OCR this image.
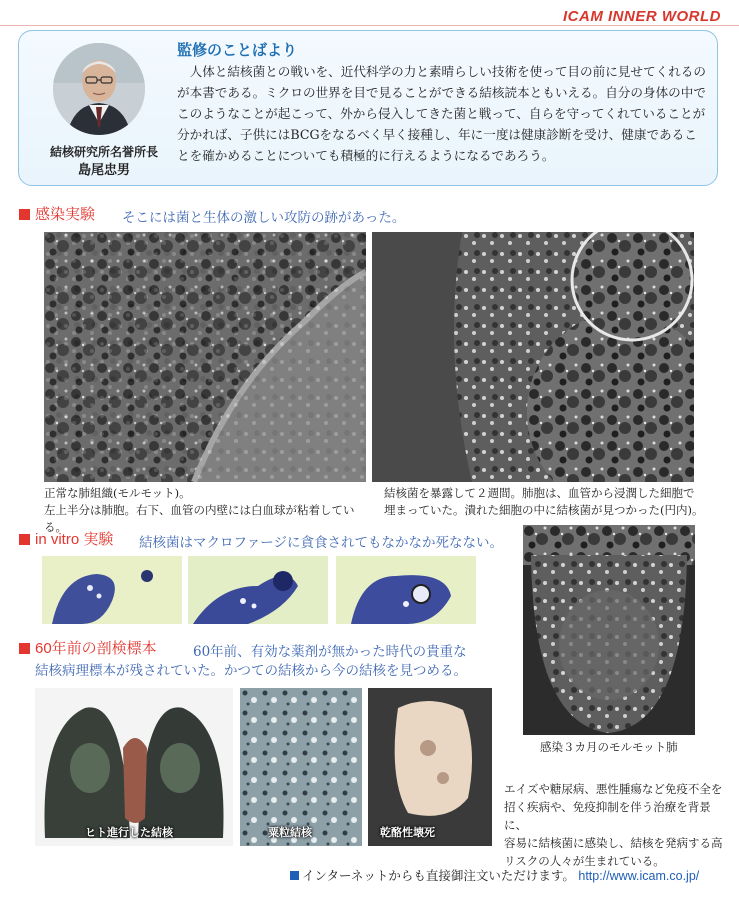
ICAM INNER WORLD
結核研究所名誉所長
島尾忠男
監修のことばより
人体と結核菌との戦いを、近代科学の力と素晴らしい技術を使って目の前に見せてくれるのが本書である。ミクロの世界を目で見ることができる結核読本ともいえる。自分の身体の中でこのようなことが起こって、外から侵入してきた菌と戦って、自らを守ってくれていることが分かれば、子供にはBCGをなるべく早く接種し、年に一度は健康診断を受け、健康であることを確かめることについても積極的に行えるようになるであろう。
感染実験 そこには菌と生体の激しい攻防の跡があった。
正常な肺組織(モルモット)。
左上半分は肺胞。右下、血管の内壁には白血球が粘着している。
結核菌を暴露して２週間。肺胞は、血管から浸潤した細胞で
埋まっていた。潰れた細胞の中に結核菌が見つかった(円内)。
in vitro 実験 結核菌はマクロファージに貪食されてもなかなか死なない。
感染３カ月のモルモット肺
60年前の剖検標本	60年前、有効な薬剤が無かった時代の貴重な
結核病理標本が残されていた。かつての結核から今の結核を見つめる。
ヒト進行した結核	粟粒結核	乾酪性壊死
エイズや糖尿病、悪性腫瘍など免疫不全を
招く疾病や、免疫抑制を伴う治療を背景に、
容易に結核菌に感染し、結核を発病する高
リスクの人々が生まれている。
インターネットからも直接御注文いただけます。 http://www.icam.co.jp/
